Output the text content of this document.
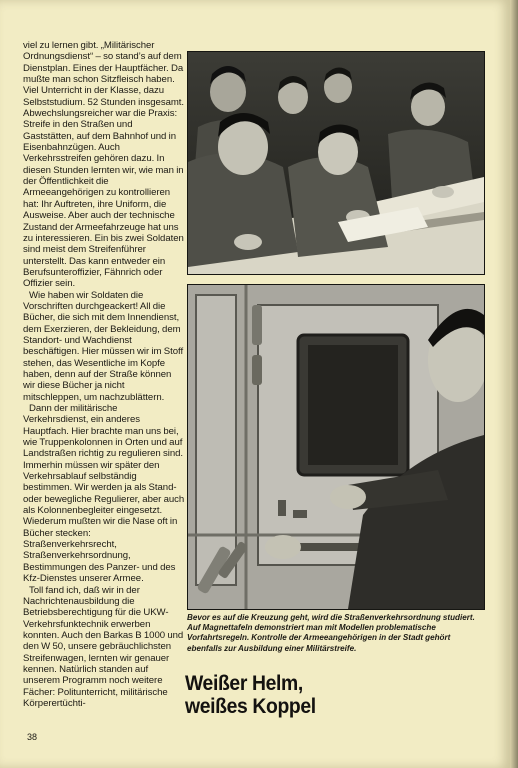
viel zu lernen gibt. „Militärischer Ordnungsdienst“ – so stand’s auf dem Dienstplan. Eines der Hauptfächer. Da mußte man schon Sitzfleisch haben. Viel Unterricht in der Klasse, dazu Selbststudium. 52 Stunden insgesamt. Abwechslungsreicher war die Praxis: Streife in den Straßen und Gaststätten, auf dem Bahnhof und in Eisenbahnzügen. Auch Verkehrsstreifen gehören dazu. In diesen Stunden lernten wir, wie man in der Öffentlichkeit die Armeeangehörigen zu kontrollieren hat: Ihr Auftreten, ihre Uniform, die Ausweise. Aber auch der technische Zustand der Armeefahrzeuge hat uns zu interessieren. Ein bis zwei Soldaten sind meist dem Streifenführer unterstellt. Das kann entweder ein Berufsunteroffizier, Fähnrich oder Offizier sein.

Wie haben wir Soldaten die Vorschriften durchgeackert! All die Bücher, die sich mit dem Innendienst, dem Exerzieren, der Bekleidung, dem Standort- und Wachdienst beschäftigen. Hier müssen wir im Stoff stehen, das Wesentliche im Kopfe haben, denn auf der Straße können wir diese Bücher ja nicht mitschleppen, um nachzublättern.

Dann der militärische Verkehrsdienst, ein anderes Hauptfach. Hier brachte man uns bei, wie Truppenkolonnen in Orten und auf Landstraßen richtig zu regulieren sind. Immerhin müssen wir später den Verkehrsablauf selbständig bestimmen. Wir werden ja als Stand- oder bewegliche Regulierer, aber auch als Kolonnenbegleiter eingesetzt. Wiederum mußten wir die Nase oft in Bücher stecken: Straßenverkehrsrecht, Straßenverkehrsordnung, Bestimmungen des Panzer- und des Kfz-Dienstes unserer Armee.

Toll fand ich, daß wir in der Nachrichtenausbildung die Betriebsberechtigung für die UKW-Verkehrsfunktechnik erwerben konnten. Auch den Barkas B 1000 und den W 50, unsere gebräuchlichsten Streifenwagen, lernten wir genauer kennen. Natürlich standen auf unserem Programm noch weitere Fächer: Politunterricht, militärische Körperertüchti-

Bevor es auf die Kreuzung geht, wird die Straßenverkehrsordnung studiert. Auf Magnettafeln demonstriert man mit Modellen problematische Vorfahrtsregeln. Kontrolle der Armeeangehörigen in der Stadt gehört ebenfalls zur Ausbildung einer Militärstreife.
Weißer Helm,
weißes Koppel
38
